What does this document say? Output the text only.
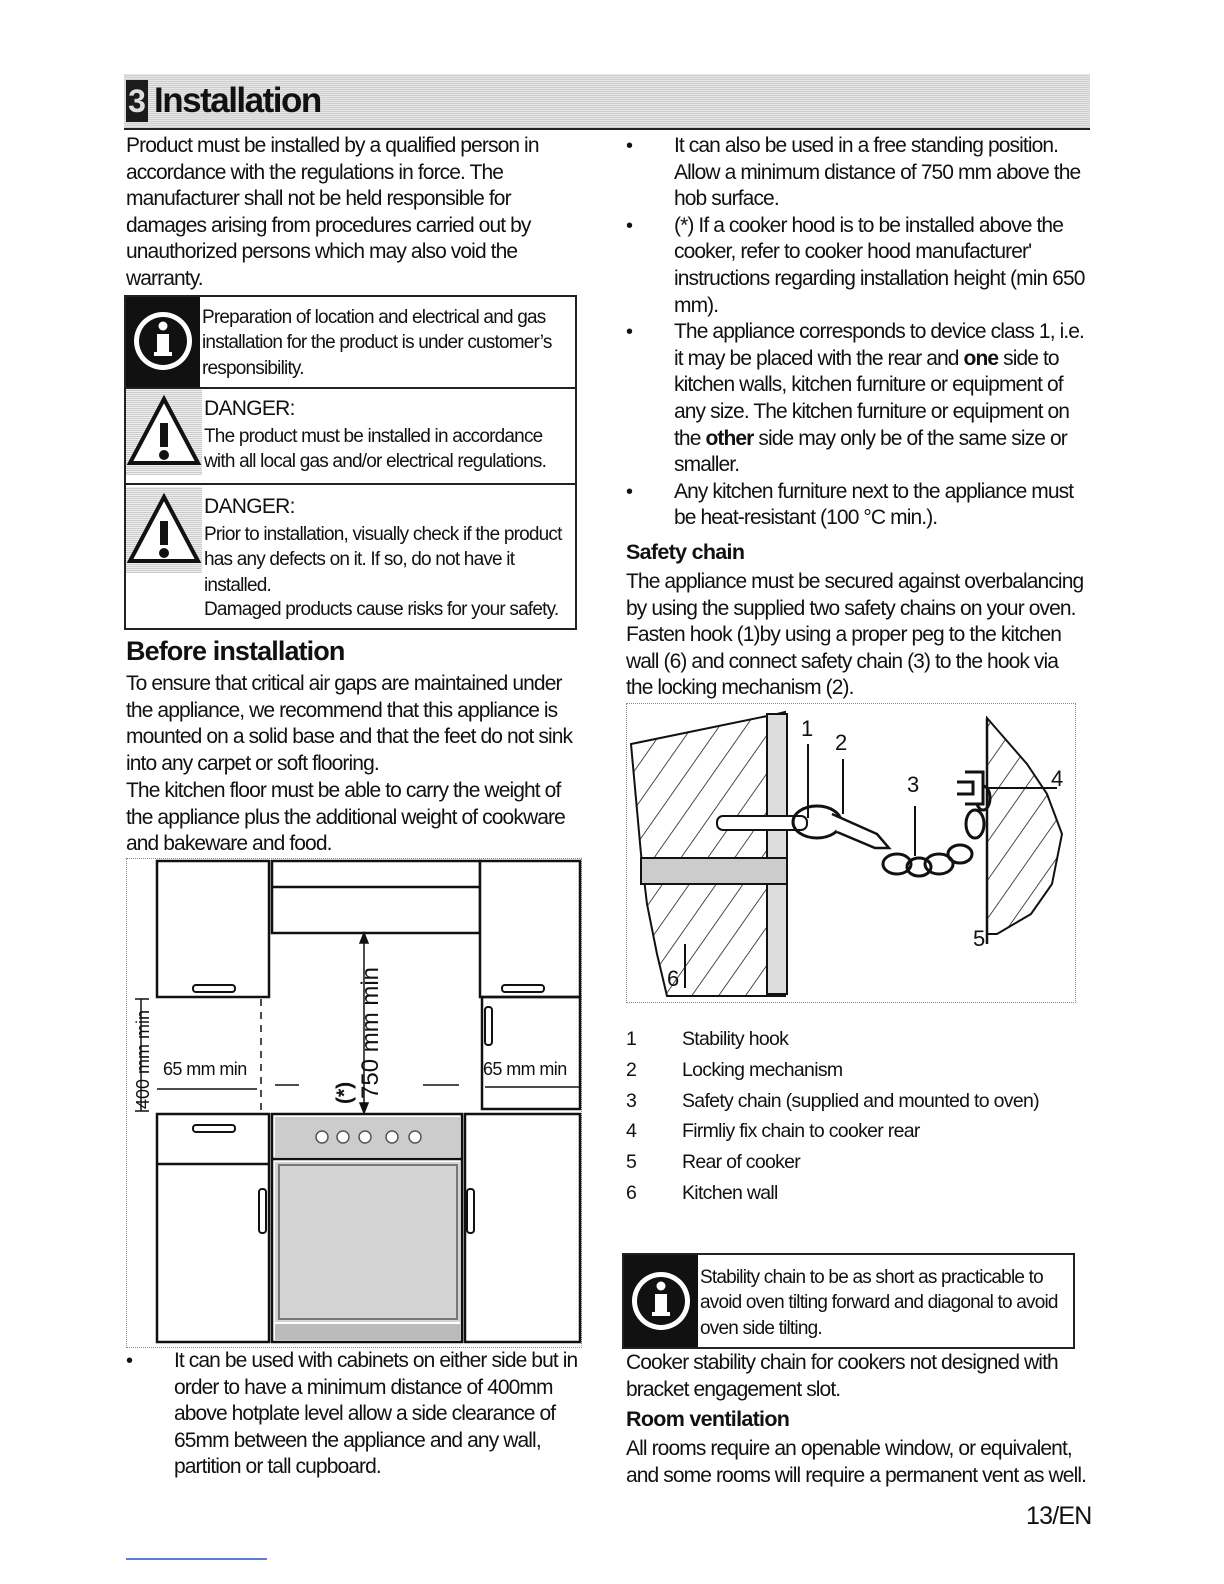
3 Installation
Product must be installed by a qualified person in accordance with the regulations in force. The manufacturer shall not be held responsible for damages arising from procedures carried out by unauthorized persons which may also void the warranty.
Preparation of location and electrical and gas installation for the product is under customer’s responsibility.
DANGER:
The product must be installed in accordance with all local gas and/or electrical regulations.
DANGER:
Prior to installation, visually check if the product has any defects on it. If so, do not have it installed.
Damaged products cause risks for your safety.
Before installation
To ensure that critical air gaps are maintained under the appliance, we recommend that this appliance is mounted on a solid base and that the feet do not sink into any carpet or soft flooring.
The kitchen floor must be able to carry the weight of the appliance plus the additional weight of cookware and bakeware and food.
750 mm min
(*)
400 mm min 65 mm min	65 mm min
• It can be used with cabinets on either side but in order to have a minimum distance of 400mm above hotplate level allow a side clearance of 65mm between the appliance and any wall, partition or tall cupboard.
• It can also be used in a free standing position. Allow a minimum distance of 750 mm above the hob surface.
• (*) If a cooker hood is to be installed above the cooker, refer to cooker hood manufacturer' instructions regarding installation height (min 650 mm).
• The appliance corresponds to device class 1, i.e. it may be placed with the rear and one side to kitchen walls, kitchen furniture or equipment of any size. The kitchen furniture or equipment on the other side may only be of the same size or smaller.
• Any kitchen furniture next to the appliance must be heat-resistant (100 °C min.).
Safety chain
The appliance must be secured against overbalancing by using the supplied two safety chains on your oven. Fasten hook (1)by using a proper peg to the kitchen wall (6) and connect safety chain (3) to the hook via the locking mechanism (2).
1
2
3	4
5
6
1 Stability hook
2 Locking mechanism
3 Safety chain (supplied and mounted to oven)
4 Firmliy fix chain to cooker rear
5 Rear of cooker
6 Kitchen wall
Stability chain to be as short as practicable to avoid oven tilting forward and diagonal to avoid oven side tilting.
Cooker stability chain for cookers not designed with bracket engagement slot.
Room ventilation
All rooms require an openable window, or equivalent, and some rooms will require a permanent vent as well.
13/EN
